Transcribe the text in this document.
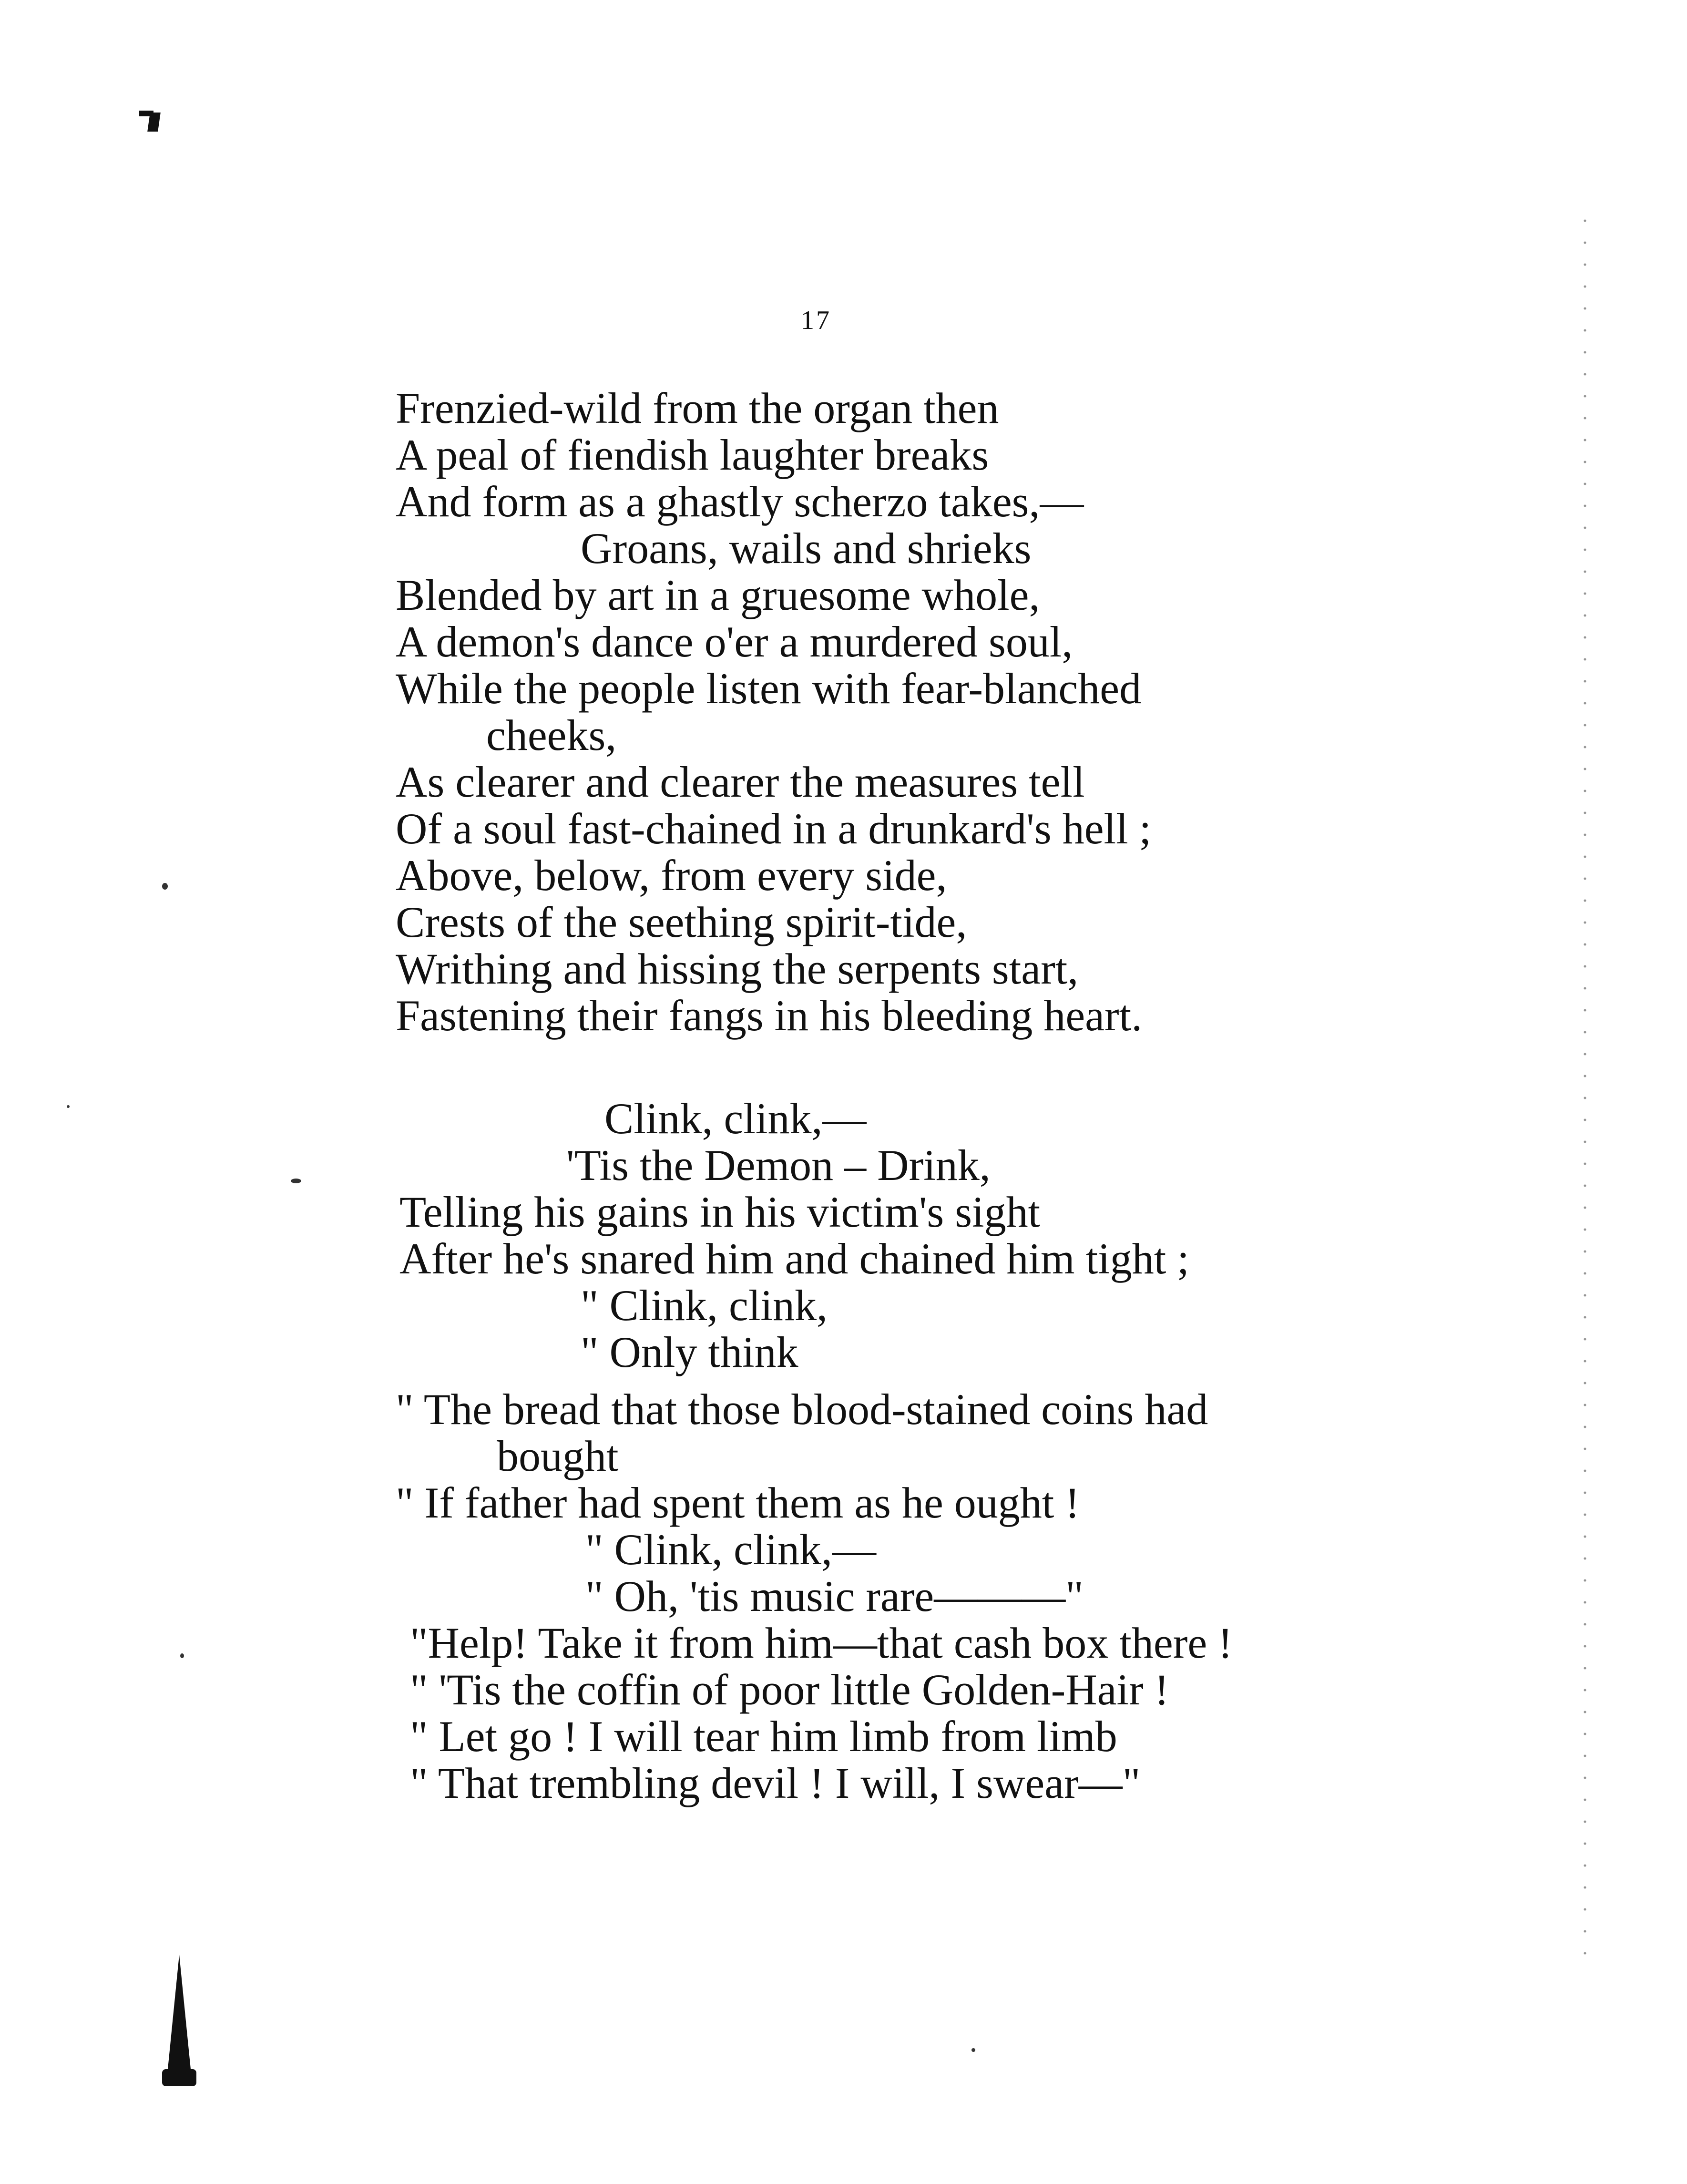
17
Frenzied-wild from the organ then
A peal of fiendish laughter breaks
And form as a ghastly scherzo takes,—
Groans, wails and shrieks
Blended by art in a gruesome whole,
A demon's dance o'er a murdered soul,
While the people listen with fear-blanched
cheeks,
As clearer and clearer the measures tell
Of a soul fast-chained in a drunkard's hell ;
Above, below, from every side,
Crests of the seething spirit-tide,
Writhing and hissing the serpents start,
Fastening their fangs in his bleeding heart.
Clink, clink,—
'Tis the Demon – Drink,
Telling his gains in his victim's sight
After he's snared him and chained him tight ;
" Clink, clink,
" Only think
" The bread that those blood-stained coins had
bought
" If father had spent them as he ought !
" Clink, clink,—
" Oh, 'tis music rare———"
"Help! Take it from him—that cash box there !
" 'Tis the coffin of poor little Golden-Hair !
" Let go ! I will tear him limb from limb
" That trembling devil ! I will, I swear—"
